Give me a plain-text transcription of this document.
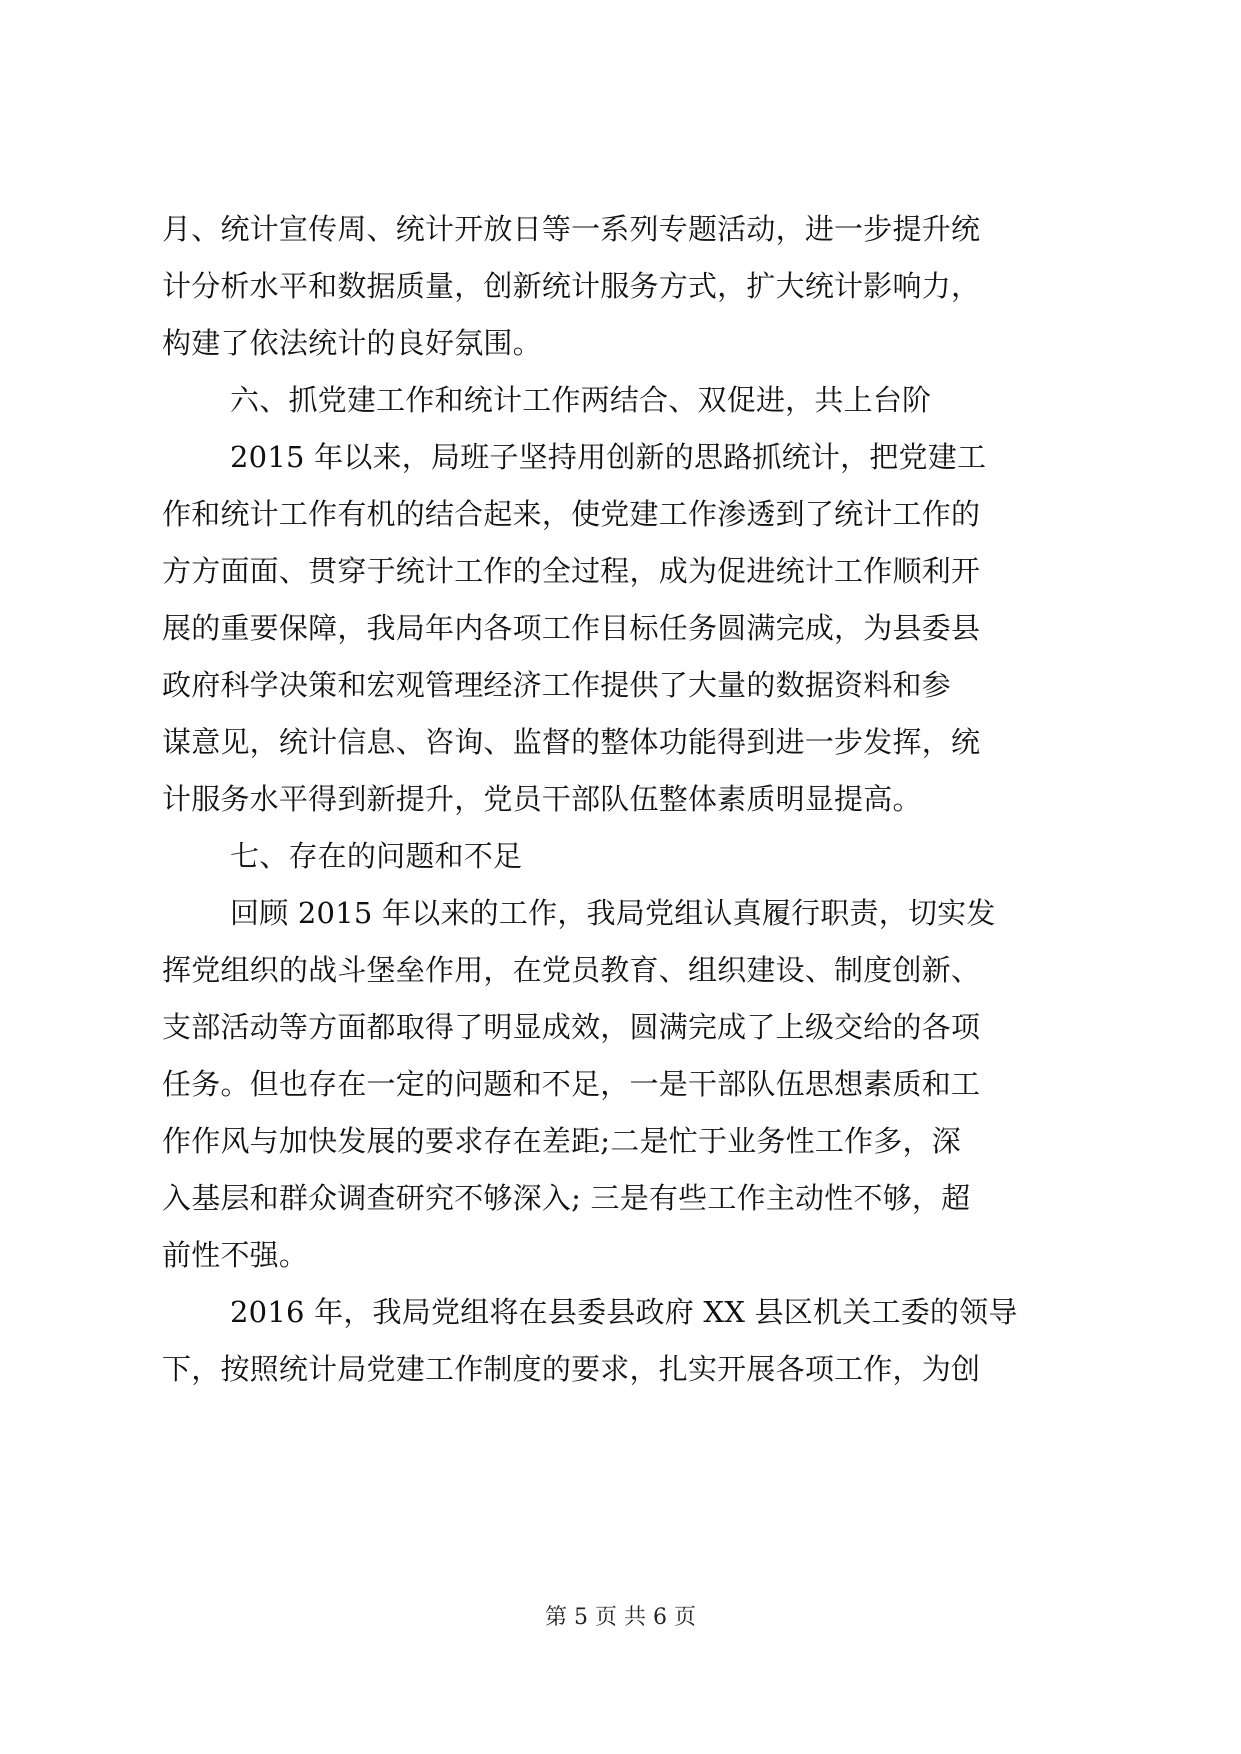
月、统计宣传周、统计开放日等一系列专题活动，进一步提升统
计分析水平和数据质量，创新统计服务方式，扩大统计影响力，
构建了依法统计的良好氛围。
六、抓党建工作和统计工作两结合、双促进，共上台阶
2015 年以来，局班子坚持用创新的思路抓统计，把党建工
作和统计工作有机的结合起来，使党建工作渗透到了统计工作的
方方面面、贯穿于统计工作的全过程，成为促进统计工作顺利开
展的重要保障，我局年内各项工作目标任务圆满完成，为县委县
政府科学决策和宏观管理经济工作提供了大量的数据资料和参
谋意见，统计信息、咨询、监督的整体功能得到进一步发挥，统
计服务水平得到新提升，党员干部队伍整体素质明显提高。
七、存在的问题和不足
回顾 2015 年以来的工作，我局党组认真履行职责，切实发
挥党组织的战斗堡垒作用，在党员教育、组织建设、制度创新、
支部活动等方面都取得了明显成效，圆满完成了上级交给的各项
任务。但也存在一定的问题和不足，一是干部队伍思想素质和工
作作风与加快发展的要求存在差距;二是忙于业务性工作多，深
入基层和群众调查研究不够深入; 三是有些工作主动性不够，超
前性不强。
2016 年，我局党组将在县委县政府 XX 县区机关工委的领导
下，按照统计局党建工作制度的要求，扎实开展各项工作，为创
第 5 页 共 6 页
